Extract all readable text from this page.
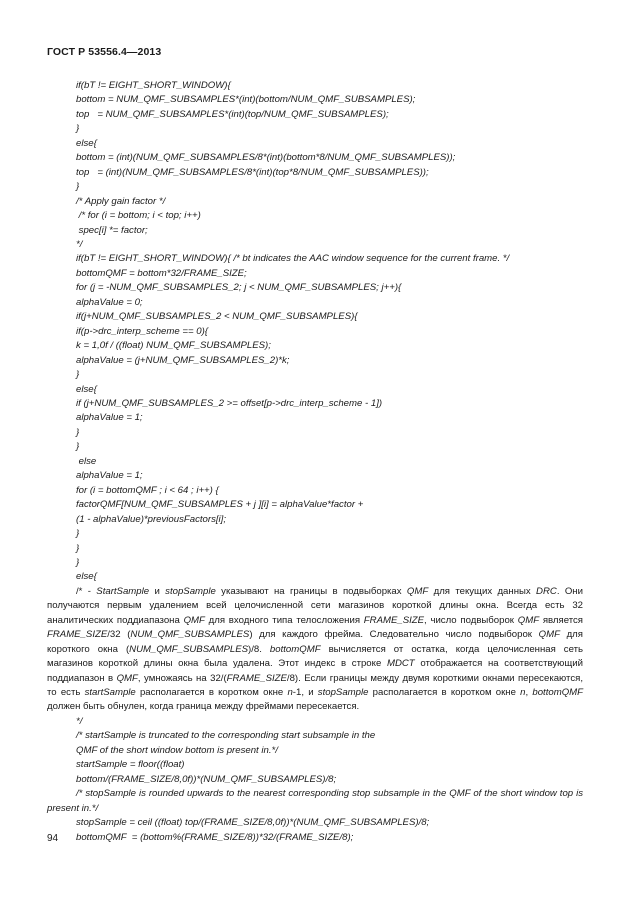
ГОСТ Р 53556.4—2013
if(bT != EIGHT_SHORT_WINDOW){
bottom = NUM_QMF_SUBSAMPLES*(int)(bottom/NUM_QMF_SUBSAMPLES);
top   = NUM_QMF_SUBSAMPLES*(int)(top/NUM_QMF_SUBSAMPLES);
}
else{
bottom = (int)(NUM_QMF_SUBSAMPLES/8*(int)(bottom*8/NUM_QMF_SUBSAMPLES));
top   = (int)(NUM_QMF_SUBSAMPLES/8*(int)(top*8/NUM_QMF_SUBSAMPLES));
}
/* Apply gain factor */
/* for (i = bottom; i < top; i++)
spec[i] *= factor;
*/
if(bT != EIGHT_SHORT_WINDOW){ /* bt indicates the AAC window sequence for the current frame. */
bottomQMF = bottom*32/FRAME_SIZE;
for (j = -NUM_QMF_SUBSAMPLES_2; j < NUM_QMF_SUBSAMPLES; j++){
alphaValue = 0;
if(j+NUM_QMF_SUBSAMPLES_2 < NUM_QMF_SUBSAMPLES){
if(p->drc_interp_scheme == 0){
k = 1,0f / ((float) NUM_QMF_SUBSAMPLES);
alphaValue = (j+NUM_QMF_SUBSAMPLES_2)*k;
}
else{
if (j+NUM_QMF_SUBSAMPLES_2 >= offset[p->drc_interp_scheme - 1])
alphaValue = 1;
}
}
else
alphaValue = 1;
for (i = bottomQMF ; i < 64 ; i++) {
factorQMF[NUM_QMF_SUBSAMPLES + j ][i] = alphaValue*factor +
(1 - alphaValue)*previousFactors[i];
}
}
}
else{

/* - StartSample и stopSample указывают на границы в подвыборках QMF для текущих данных DRC. Они получаются первым удалением всей целочисленной сети магазинов короткой длины окна. Всегда есть 32 аналитических поддиапазона QMF для входного типа телосложения FRAME_SIZE, число подвыборок QMF является FRAME_SIZE/32 (NUM_QMF_SUBSAMPLES) для каждого фрейма. Следовательно число подвыборок QMF для короткого окна (NUM_QMF_SUBSAMPLES)/8. bottomQMF вычисляется от остатка, когда целочисленная сеть магазинов короткой длины окна была удалена. Этот индекс в строке MDCT отображается на соответствующий поддиапазон в QMF, умножаясь на 32/(FRAME_SIZE/8). Если границы между двумя короткими окнами пересекаются, то есть startSample располагается в коротком окне n-1, и stopSample располагается в коротком окне n, bottomQMF должен быть обнулен, когда граница между фреймами пересекается.

*/
/* startSample is truncated to the corresponding start subsample in the
QMF of the short window bottom is present in.*/
startSample = floor((float)
bottom/(FRAME_SIZE/8,0f))*(NUM_QMF_SUBSAMPLES)/8;
/* stopSample is rounded upwards to the nearest corresponding stop subsample in the QMF of the short window top is present in.*/
stopSample = ceil ((float) top/(FRAME_SIZE/8,0f))*(NUM_QMF_SUBSAMPLES)/8;
bottomQMF  = (bottom%(FRAME_SIZE/8))*32/(FRAME_SIZE/8);
94
